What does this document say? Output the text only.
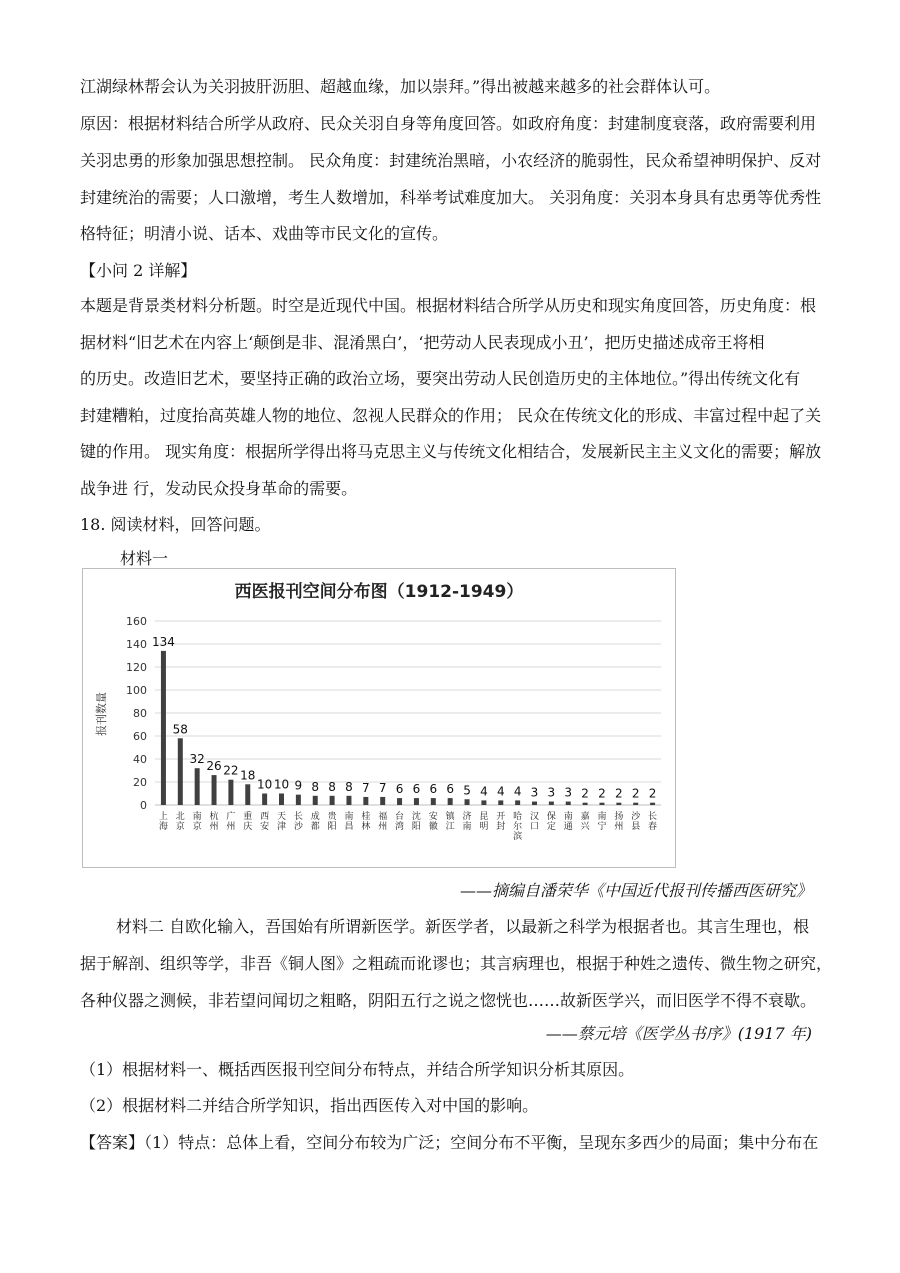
江湖绿林帮会认为关羽披肝沥胆、超越血缘，加以崇拜。”得出被越来越多的社会群体认可。
原因：根据材料结合所学从政府、民众关羽自身等角度回答。如政府角度：封建制度衰落，政府需要利用
关羽忠勇的形象加强思想控制。 民众角度：封建统治黑暗，小农经济的脆弱性，民众希望神明保护、反对
封建统治的需要；人口激增，考生人数增加，科举考试难度加大。 关羽角度：关羽本身具有忠勇等优秀性
格特征；明清小说、话本、戏曲等市民文化的宣传。
【小问 2 详解】
本题是背景类材料分析题。时空是近现代中国。根据材料结合所学从历史和现实角度回答，历史角度：根
据材料“旧艺术在内容上‘颠倒是非、混淆黑白’，‘把劳动人民表现成小丑’，把历史描述成帝王将相
的历史。改造旧艺术，要坚持正确的政治立场，要突出劳动人民创造历史的主体地位。”得出传统文化有
封建糟粕，过度抬高英雄人物的地位、忽视人民群众的作用； 民众在传统文化的形成、丰富过程中起了关
键的作用。 现实角度：根据所学得出将马克思主义与传统文化相结合，发展新民主主义文化的需要；解放
战争进 行，发动民众投身革命的需要。
18. 阅读材料，回答问题。
材料一
西医报刊空间分布图（1912-1949）
报刊数量
0
20
40
60
80
100
120
140
160
134
58
32 26 22 18
10 10 9 8 8 8 7 7 6 6 6 6 5 4 4 4 3 3 3 2 2 2 2 2
上海
北京
南京
杭州
广州
重庆
西安
天津
长沙
成都
贵阳
南昌
桂林
福州
台湾
沈阳
安徽
镇江
济南
昆明
开封
哈尔滨
汉口
保定
南通
嘉兴
南宁
扬州
沙县
长春
——摘编自潘荣华《中国近代报刊传播西医研究》
材料二 自欧化输入，吾国始有所谓新医学。新医学者，以最新之科学为根据者也。其言生理也，根
据于解剖、组织等学，非吾《铜人图》之粗疏而讹谬也；其言病理也，根据于种姓之遗传、微生物之研究，
各种仪器之测候，非若望问闻切之粗略，阴阳五行之说之惚恍也……故新医学兴，而旧医学不得不衰歇。
——蔡元培《医学丛书序》(1917 年)
（1）根据材料一、概括西医报刊空间分布特点，并结合所学知识分析其原因。
（2）根据材料二并结合所学知识，指出西医传入对中国的影响。
【答案】（1）特点：总体上看，空间分布较为广泛；空间分布不平衡，呈现东多西少的局面；集中分布在
